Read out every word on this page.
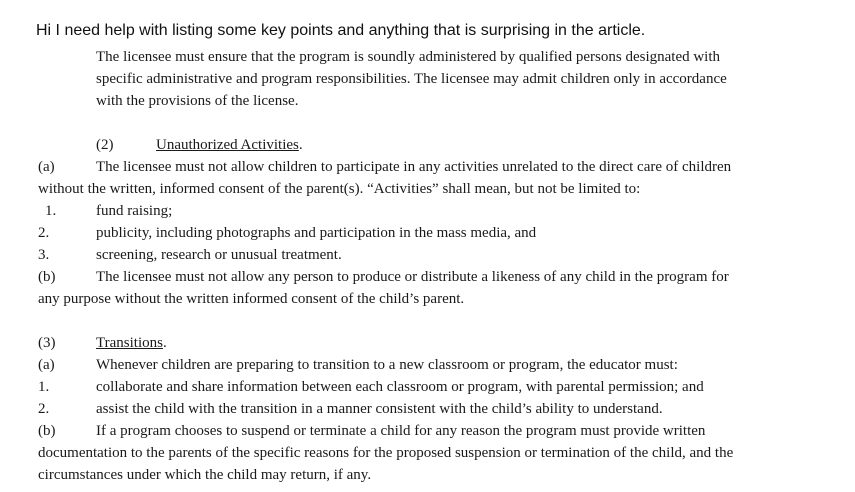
Hi I need help with listing some key points and anything that is surprising in the article.
The licensee must ensure that the program is soundly administered by qualified persons designated with
specific administrative and program responsibilities. The licensee may admit children only in accordance
with the provisions of the license.
(2)	Unauthorized Activities.
(a)	The licensee must not allow children to participate in any activities unrelated to the direct care of children
without the written, informed consent of the parent(s). “Activities” shall mean, but not be limited to:
1.	fund raising;
2.	publicity, including photographs and participation in the mass media, and
3.	screening, research or unusual treatment.
(b)	The licensee must not allow any person to produce or distribute a likeness of any child in the program for
any purpose without the written informed consent of the child’s parent.
(3)	Transitions.
(a)	Whenever children are preparing to transition to a new classroom or program, the educator must:
1.	collaborate and share information between each classroom or program, with parental permission; and
2.	assist the child with the transition in a manner consistent with the child’s ability to understand.
(b)	If a program chooses to suspend or terminate a child for any reason the program must provide written
documentation to the parents of the specific reasons for the proposed suspension or termination of the child, and the
circumstances under which the child may return, if any.
